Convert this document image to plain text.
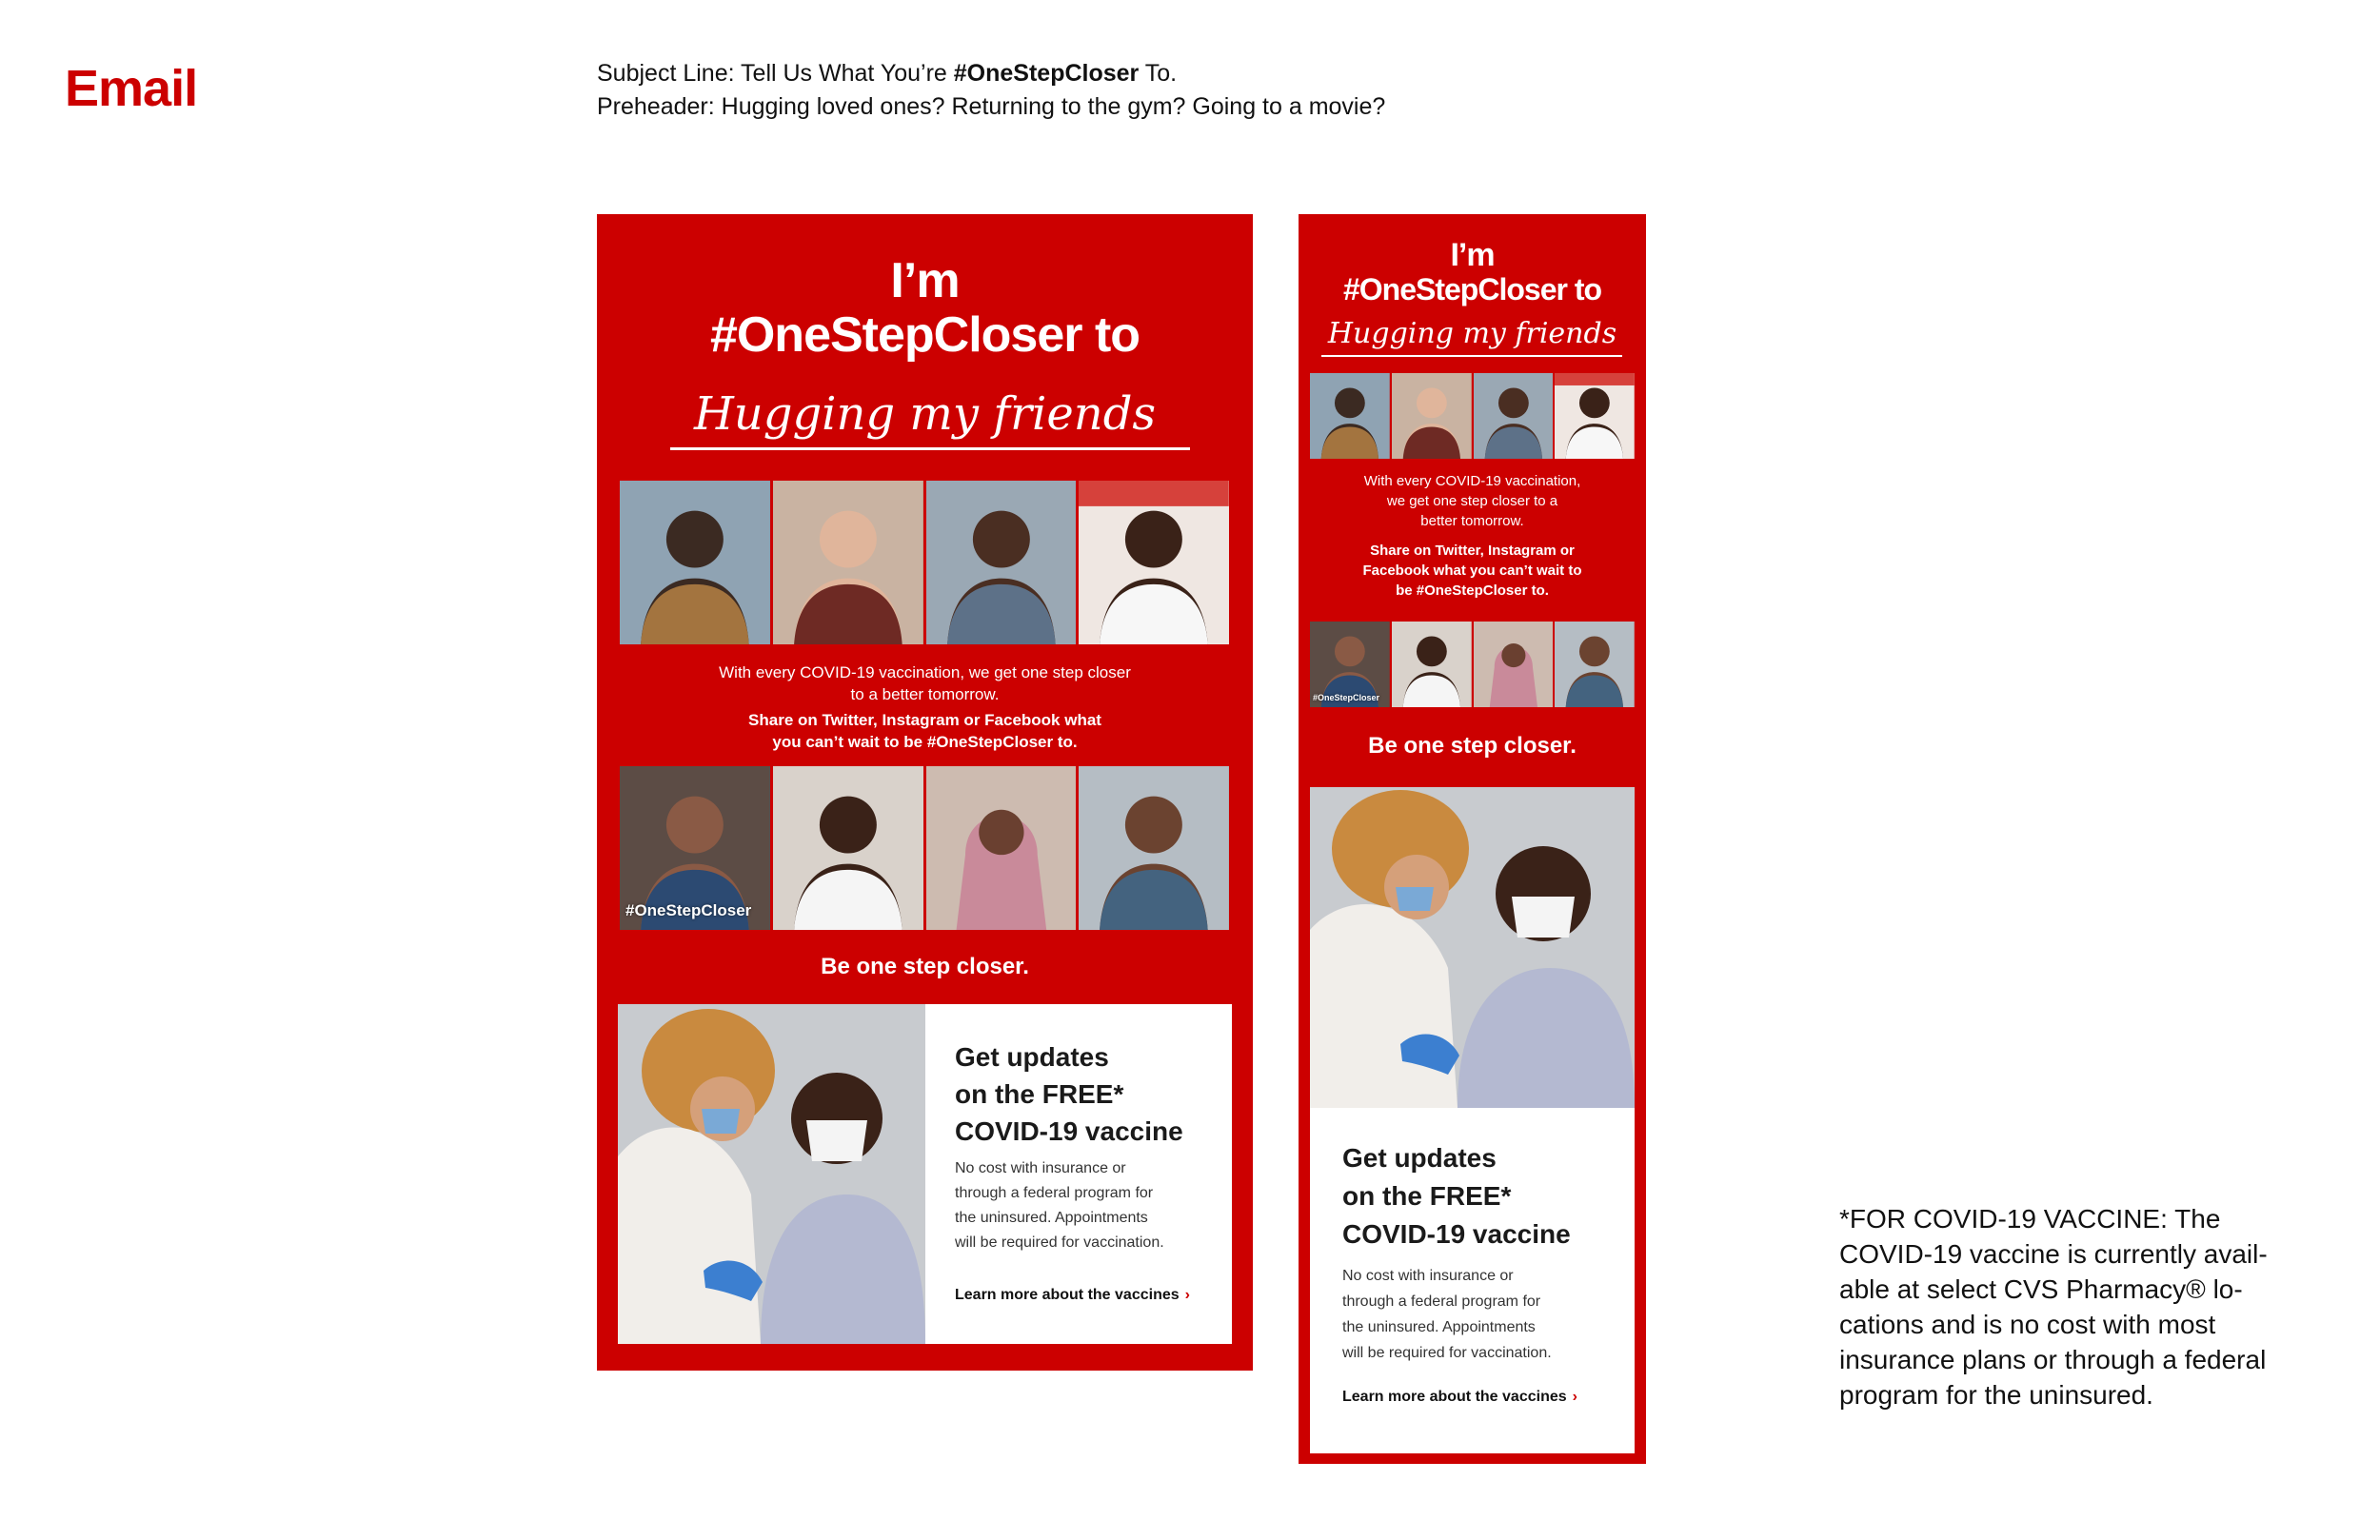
Email	Subject Line: Tell Us What You’re #OneStepCloser To.
Preheader: Hugging loved ones? Returning to the gym? Going to a movie?
I’m
#OneStepCloser to
Hugging my friends
With every COVID-19 vaccination, we get one step closer
to a better tomorrow.
Share on Twitter, Instagram or Facebook what
you can’t wait to be #OneStepCloser to.
#OneStepCloser
Be one step closer.
Get updates
on the FREE*
COVID-19 vaccine
No cost with insurance or
through a federal program for
the uninsured. Appointments
will be required for vaccination.
Learn more about the vaccines ›
I’m
#OneStepCloser to
Hugging my friends
With every COVID-19 vaccination,
we get one step closer to a
better tomorrow.
Share on Twitter, Instagram or
Facebook what you can’t wait to
be #OneStepCloser to.
#OneStepCloser
Be one step closer.
Get updates
on the FREE*
COVID-19 vaccine
No cost with insurance or
through a federal program for
the uninsured. Appointments
will be required for vaccination.
Learn more about the vaccines ›
*FOR COVID-19 VACCINE: The
COVID-19 vaccine is currently avail-
able at select CVS Pharmacy® lo-
cations and is no cost with most
insurance plans or through a federal
program for the uninsured.
